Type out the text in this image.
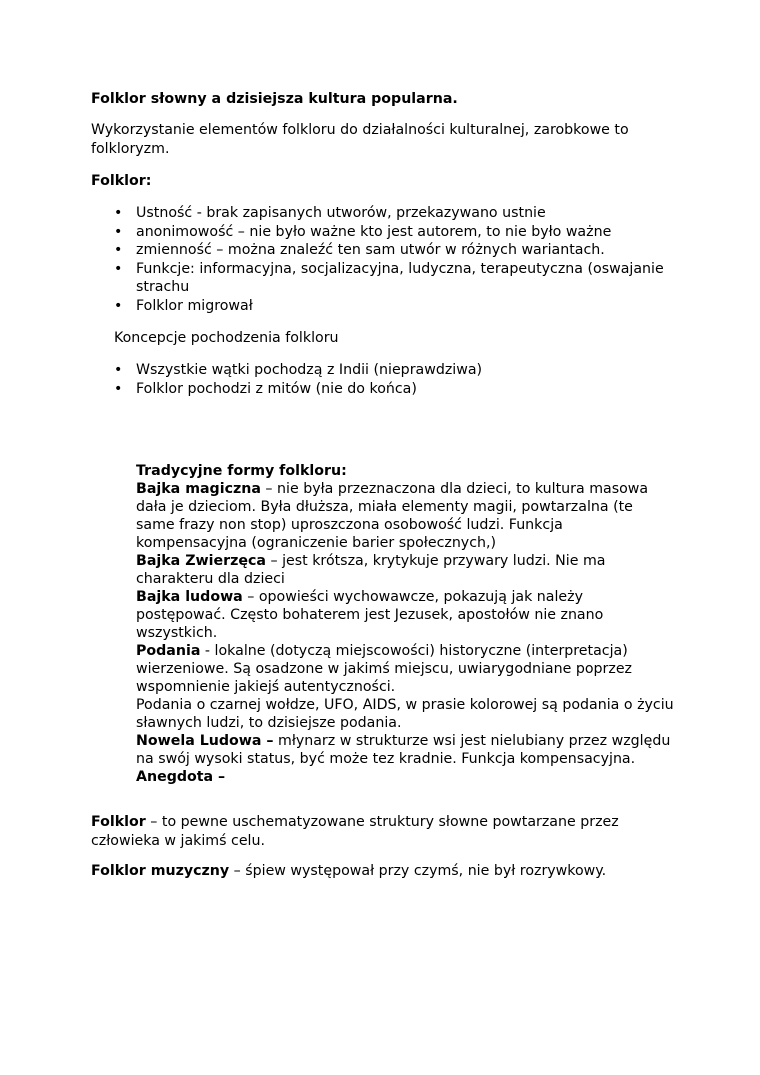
Folklor słowny a dzisiejsza kultura popularna.

Wykorzystanie elementów folkloru do działalności kulturalnej, zarobkowe to folkloryzm.

Folklor:

• Ustność - brak zapisanych utworów, przekazywano ustnie
• anonimowość – nie było ważne kto jest autorem, to nie było ważne
• zmienność – można znaleźć ten sam utwór w różnych wariantach.
• Funkcje: informacyjna, socjalizacyjna, ludyczna, terapeutyczna (oswajanie strachu
• Folklor migrował

Koncepcje pochodzenia folkloru

• Wszystkie wątki pochodzą z Indii (nieprawdziwa)
• Folklor pochodzi z mitów (nie do końca)
Tradycyjne formy folkloru:
Bajka magiczna – nie była przeznaczona dla dzieci, to kultura masowa dała je dzieciom. Była dłuższa, miała elementy magii, powtarzalna (te same frazy non stop) uproszczona osobowość ludzi. Funkcja kompensacyjna (ograniczenie barier społecznych,)
Bajka Zwierzęca – jest krótsza, krytykuje przywary ludzi. Nie ma charakteru dla dzieci
Bajka ludowa – opowieści wychowawcze, pokazują jak należy postępować. Często bohaterem jest Jezusek, apostołów nie znano wszystkich.
Podania - lokalne (dotyczą miejscowości) historyczne (interpretacja) wierzeniowe. Są osadzone w jakimś miejscu, uwiarygodniane poprzez wspomnienie jakiejś autentyczności.
Podania o czarnej wołdze, UFO, AIDS, w prasie kolorowej są podania o życiu sławnych ludzi, to dzisiejsze podania.
Nowela Ludowa – młynarz w strukturze wsi jest nielubiany przez względu na swój wysoki status, być może tez kradnie. Funkcja kompensacyjna.
Anegdota –

Folklor – to pewne uschematyzowane struktury słowne powtarzane przez człowieka w jakimś celu.

Folklor muzyczny – śpiew występował przy czymś, nie był rozrywkowy.
